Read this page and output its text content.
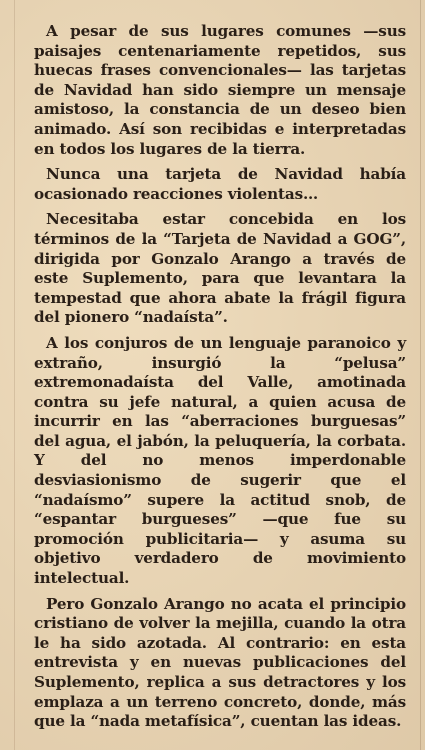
A pesar de sus lugares comunes —sus paisajes centenariamente repetidos, sus huecas frases convencionales— las tarjetas de Navidad han sido siempre un mensaje amistoso, la constancia de un deseo bien animado. Así son recibidas e interpretadas en todos los lugares de la tierra.

Nunca una tarjeta de Navidad había ocasionado reacciones violentas…

Necesitaba estar concebida en los términos de la “Tarjeta de Navidad a GOG”, dirigida por Gonzalo Arango a través de este Suplemento, para que levantara la tempestad que ahora abate la frágil figura del pionero “nadaísta”.

A los conjuros de un lenguaje paranoico y extraño, insurgió la “pelusa” extremonadaísta del Valle, amotinada contra su jefe natural, a quien acusa de incurrir en las “aberraciones burguesas” del agua, el jabón, la peluquería, la corbata. Y del no menos imperdonable desviasionismo de sugerir que el “nadaísmo” supere la actitud snob, de “espantar burgueses” —que fue su promoción publicitaria— y asuma su objetivo verdadero de movimiento intelectual.

Pero Gonzalo Arango no acata el principio cristiano de volver la mejilla, cuando la otra le ha sido azotada. Al contrario: en esta entrevista y en nuevas publicaciones del Suplemento, replica a sus detractores y los emplaza a un terreno concreto, donde, más que la “nada metafísica”, cuentan las ideas.
